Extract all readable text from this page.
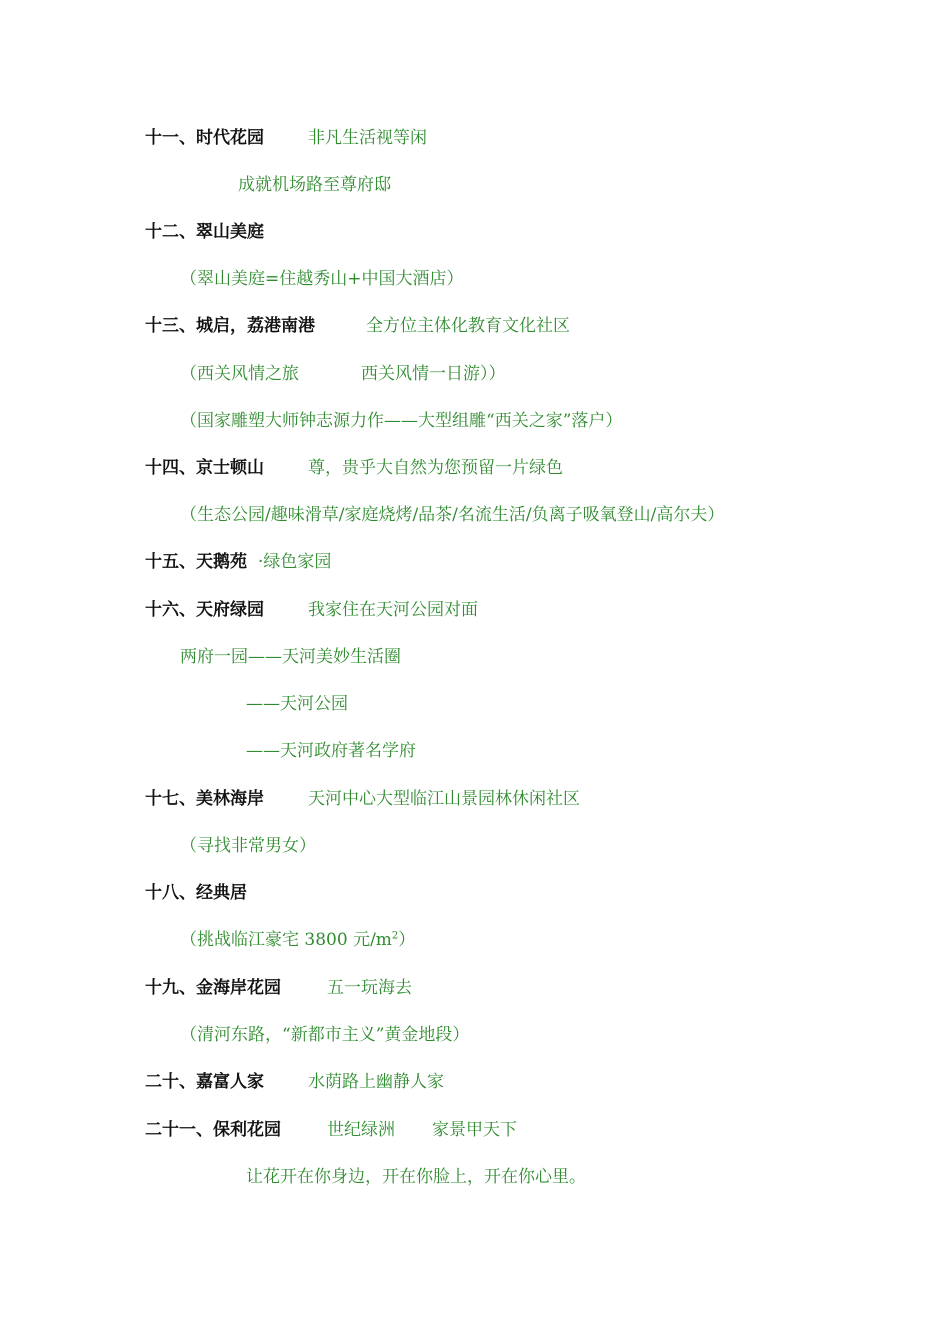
十一、时代花园	非凡生活视等闲
成就机场路至尊府邸
十二、翠山美庭
（翠山美庭=住越秀山+中国大酒店）
十三、城启，荔港南港	全方位主体化教育文化社区
（西关风情之旅	西关风情一日游））
（国家雕塑大师钟志源力作——大型组雕“西关之家”落户）
十四、京士顿山	尊，贵乎大自然为您预留一片绿色
（生态公园/趣味滑草/家庭烧烤/品茶/名流生活/负离子吸氧登山/高尔夫）
十五、天鹅苑 ·绿色家园
十六、天府绿园	我家住在天河公园对面
两府一园——天河美妙生活圈
——天河公园
——天河政府著名学府
十七、美林海岸	天河中心大型临江山景园林休闲社区
（寻找非常男女）
十八、经典居
（挑战临江豪宅 3800 元$/m^2$）
十九、金海岸花园	五一玩海去
（清河东路，“新都市主义”黄金地段）
二十、嘉富人家	水荫路上幽静人家
二十一、保利花园	世纪绿洲 家景甲天下
让花开在你身边，开在你脸上，开在你心里。
